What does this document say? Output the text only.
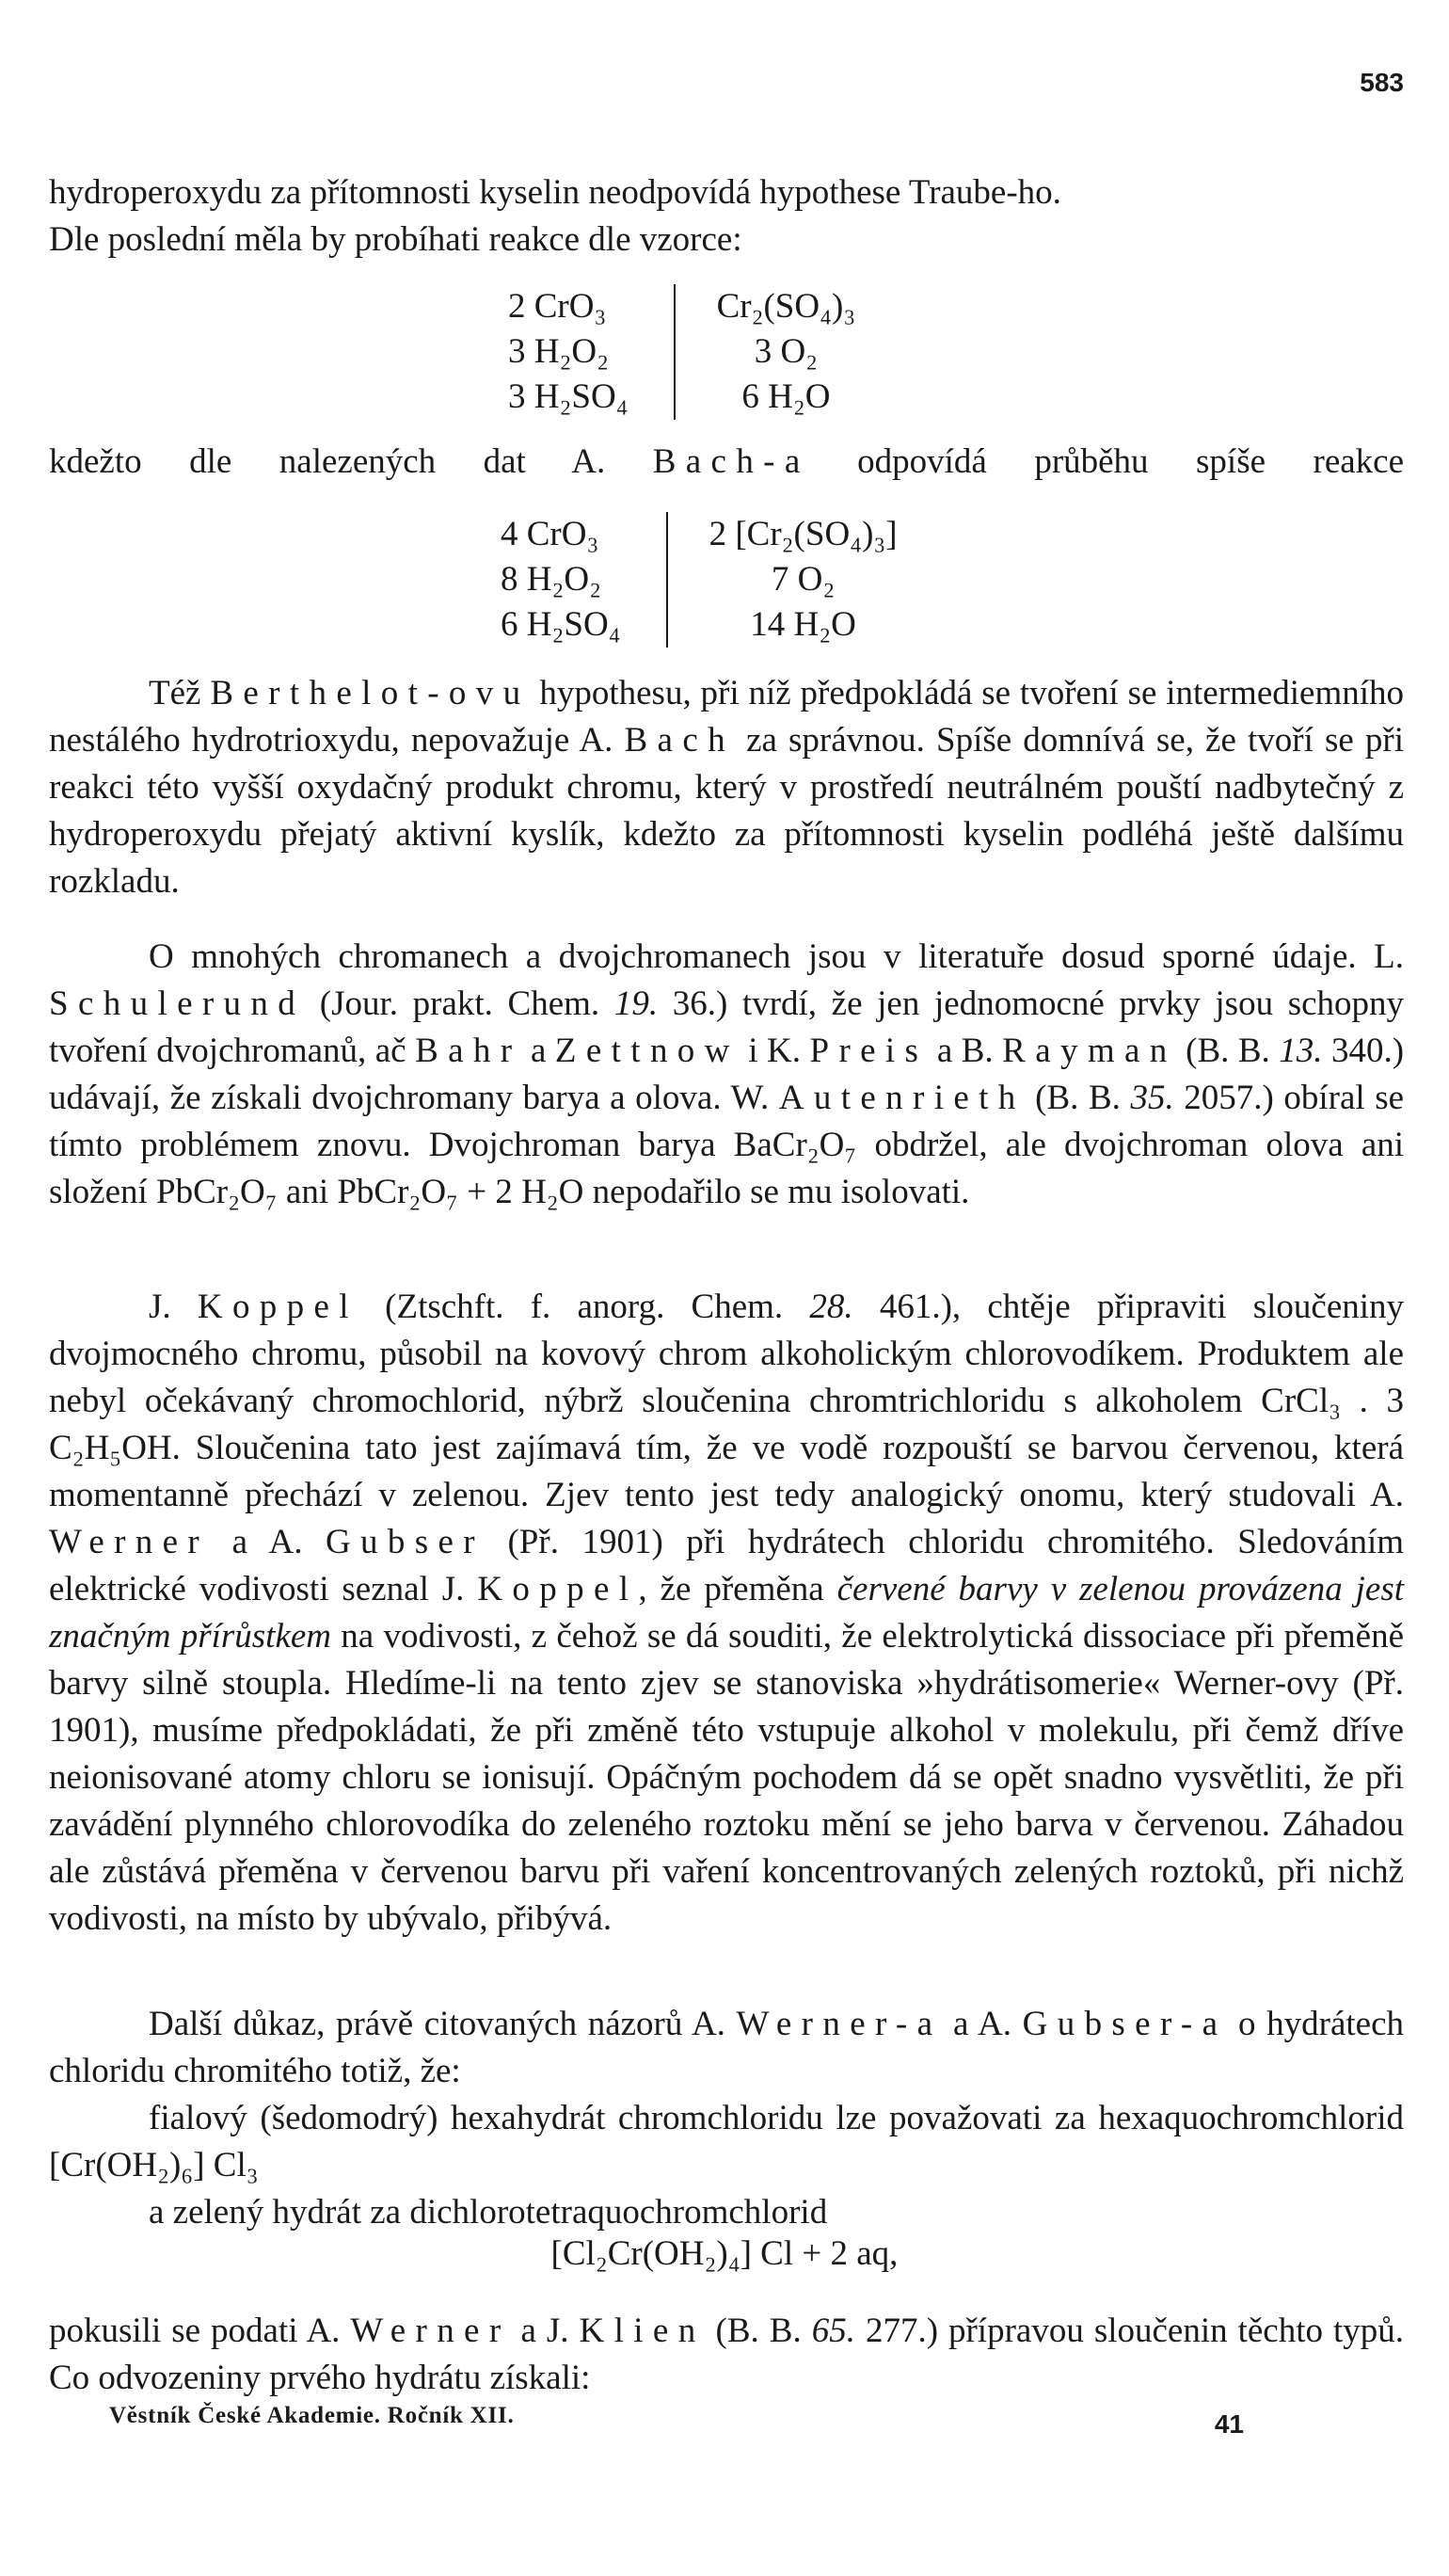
583

hydroperoxydu za přítomnosti kyselin neodpovídá hypothese Traube-ho.

Dle poslední měla by probíhati reakce dle vzorce:

2 CrO₃
3 H₂O₂
3 H₂SO₄
Cr₂(SO₄)₃
3 O₂
6 H₂O

kdežto dle nalezených dat A. Bach-a odpovídá průběhu spíše reakce

4 CrO₃
8 H₂O₂
6 H₂SO₄
2 [Cr₂(SO₄)₃]
7 O₂
14 H₂O

Též Berthelot-ovu hypothesu, při níž předpokládá se tvoření se intermediemního nestálého hydrotrioxydu, nepovažuje A. Bach za správnou. Spíše domnívá se, že tvoří se při reakci této vyšší oxydačný produkt chromu, který v prostředí neutrálném pouští nadbytečný z hydroperoxydu přejatý aktivní kyslík, kdežto za přítomnosti kyselin podléhá ještě dalšímu rozkladu.

O mnohých chromanech a dvojchromanech jsou v literatuře dosud sporné údaje. L. Schulerund (Jour. prakt. Chem. 19. 36.) tvrdí, že jen jednomocné prvky jsou schopny tvoření dvojchromanů, ač Bahr a Zettnow i K. Preis a B. Rayman (B. B. 13. 340.) udávají, že získali dvojchromany barya a olova. W. Autenrieth (B. B. 35. 2057.) obíral se tímto problémem znovu. Dvojchroman barya BaCr₂O₇ obdržel, ale dvojchroman olova ani složení PbCr₂O₇ ani PbCr₂O₇ + 2 H₂O nepodařilo se mu isolovati.

J. Koppel (Ztschft. f. anorg. Chem. 28. 461.), chtěje připraviti sloučeniny dvojmocného chromu, působil na kovový chrom alkoholickým chlorovodíkem. Produktem ale nebyl očekávaný chromochlorid, nýbrž sloučenina chromtrichloridu s alkoholem CrCl₃ . 3 C₂H₅OH. Sloučenina tato jest zajímavá tím, že ve vodě rozpouští se barvou červenou, která momentanně přechází v zelenou. Zjev tento jest tedy analogický onomu, který studovali A. Werner a A. Gubser (Př. 1901) při hydrátech chloridu chromitého. Sledováním elektrické vodivosti seznal J. Koppel, že přeměna červené barvy v zelenou provázena jest značným přírůstkem na vodivosti, z čehož se dá souditi, že elektrolytická dissociace při přeměně barvy silně stoupla. Hledíme-li na tento zjev se stanoviska »hydrátisomerie« Werner-ovy (Př. 1901), musíme předpokládati, že při změně této vstupuje alkohol v molekulu, při čemž dříve neionisované atomy chloru se ionisují. Opáčným pochodem dá se opět snadno vysvětliti, že při zavádění plynného chlorovodíka do zeleného roztoku mění se jeho barva v červenou. Záhadou ale zůstává přeměna v červenou barvu při vaření koncentrovaných zelených roztoků, při nichž vodivosti, na místo by ubývalo, přibývá.

Další důkaz, právě citovaných názorů A. Werner-a a A. Gubser-a o hydrátech chloridu chromitého totiž, že:

fialový (šedomodrý) hexahydrát chromchloridu lze považovati za hexaquochromchlorid [Cr(OH₂)₆] Cl₃

a zelený hydrát za dichlorotetraquochromchlorid

[Cl₂Cr(OH₂)₄] Cl + 2 aq,

pokusili se podati A. Werner a J. Klien (B. B. 65. 277.) přípravou sloučenin těchto typů. Co odvozeniny prvého hydrátu získali:

Věstník České Akademie. Ročník XII.	41
